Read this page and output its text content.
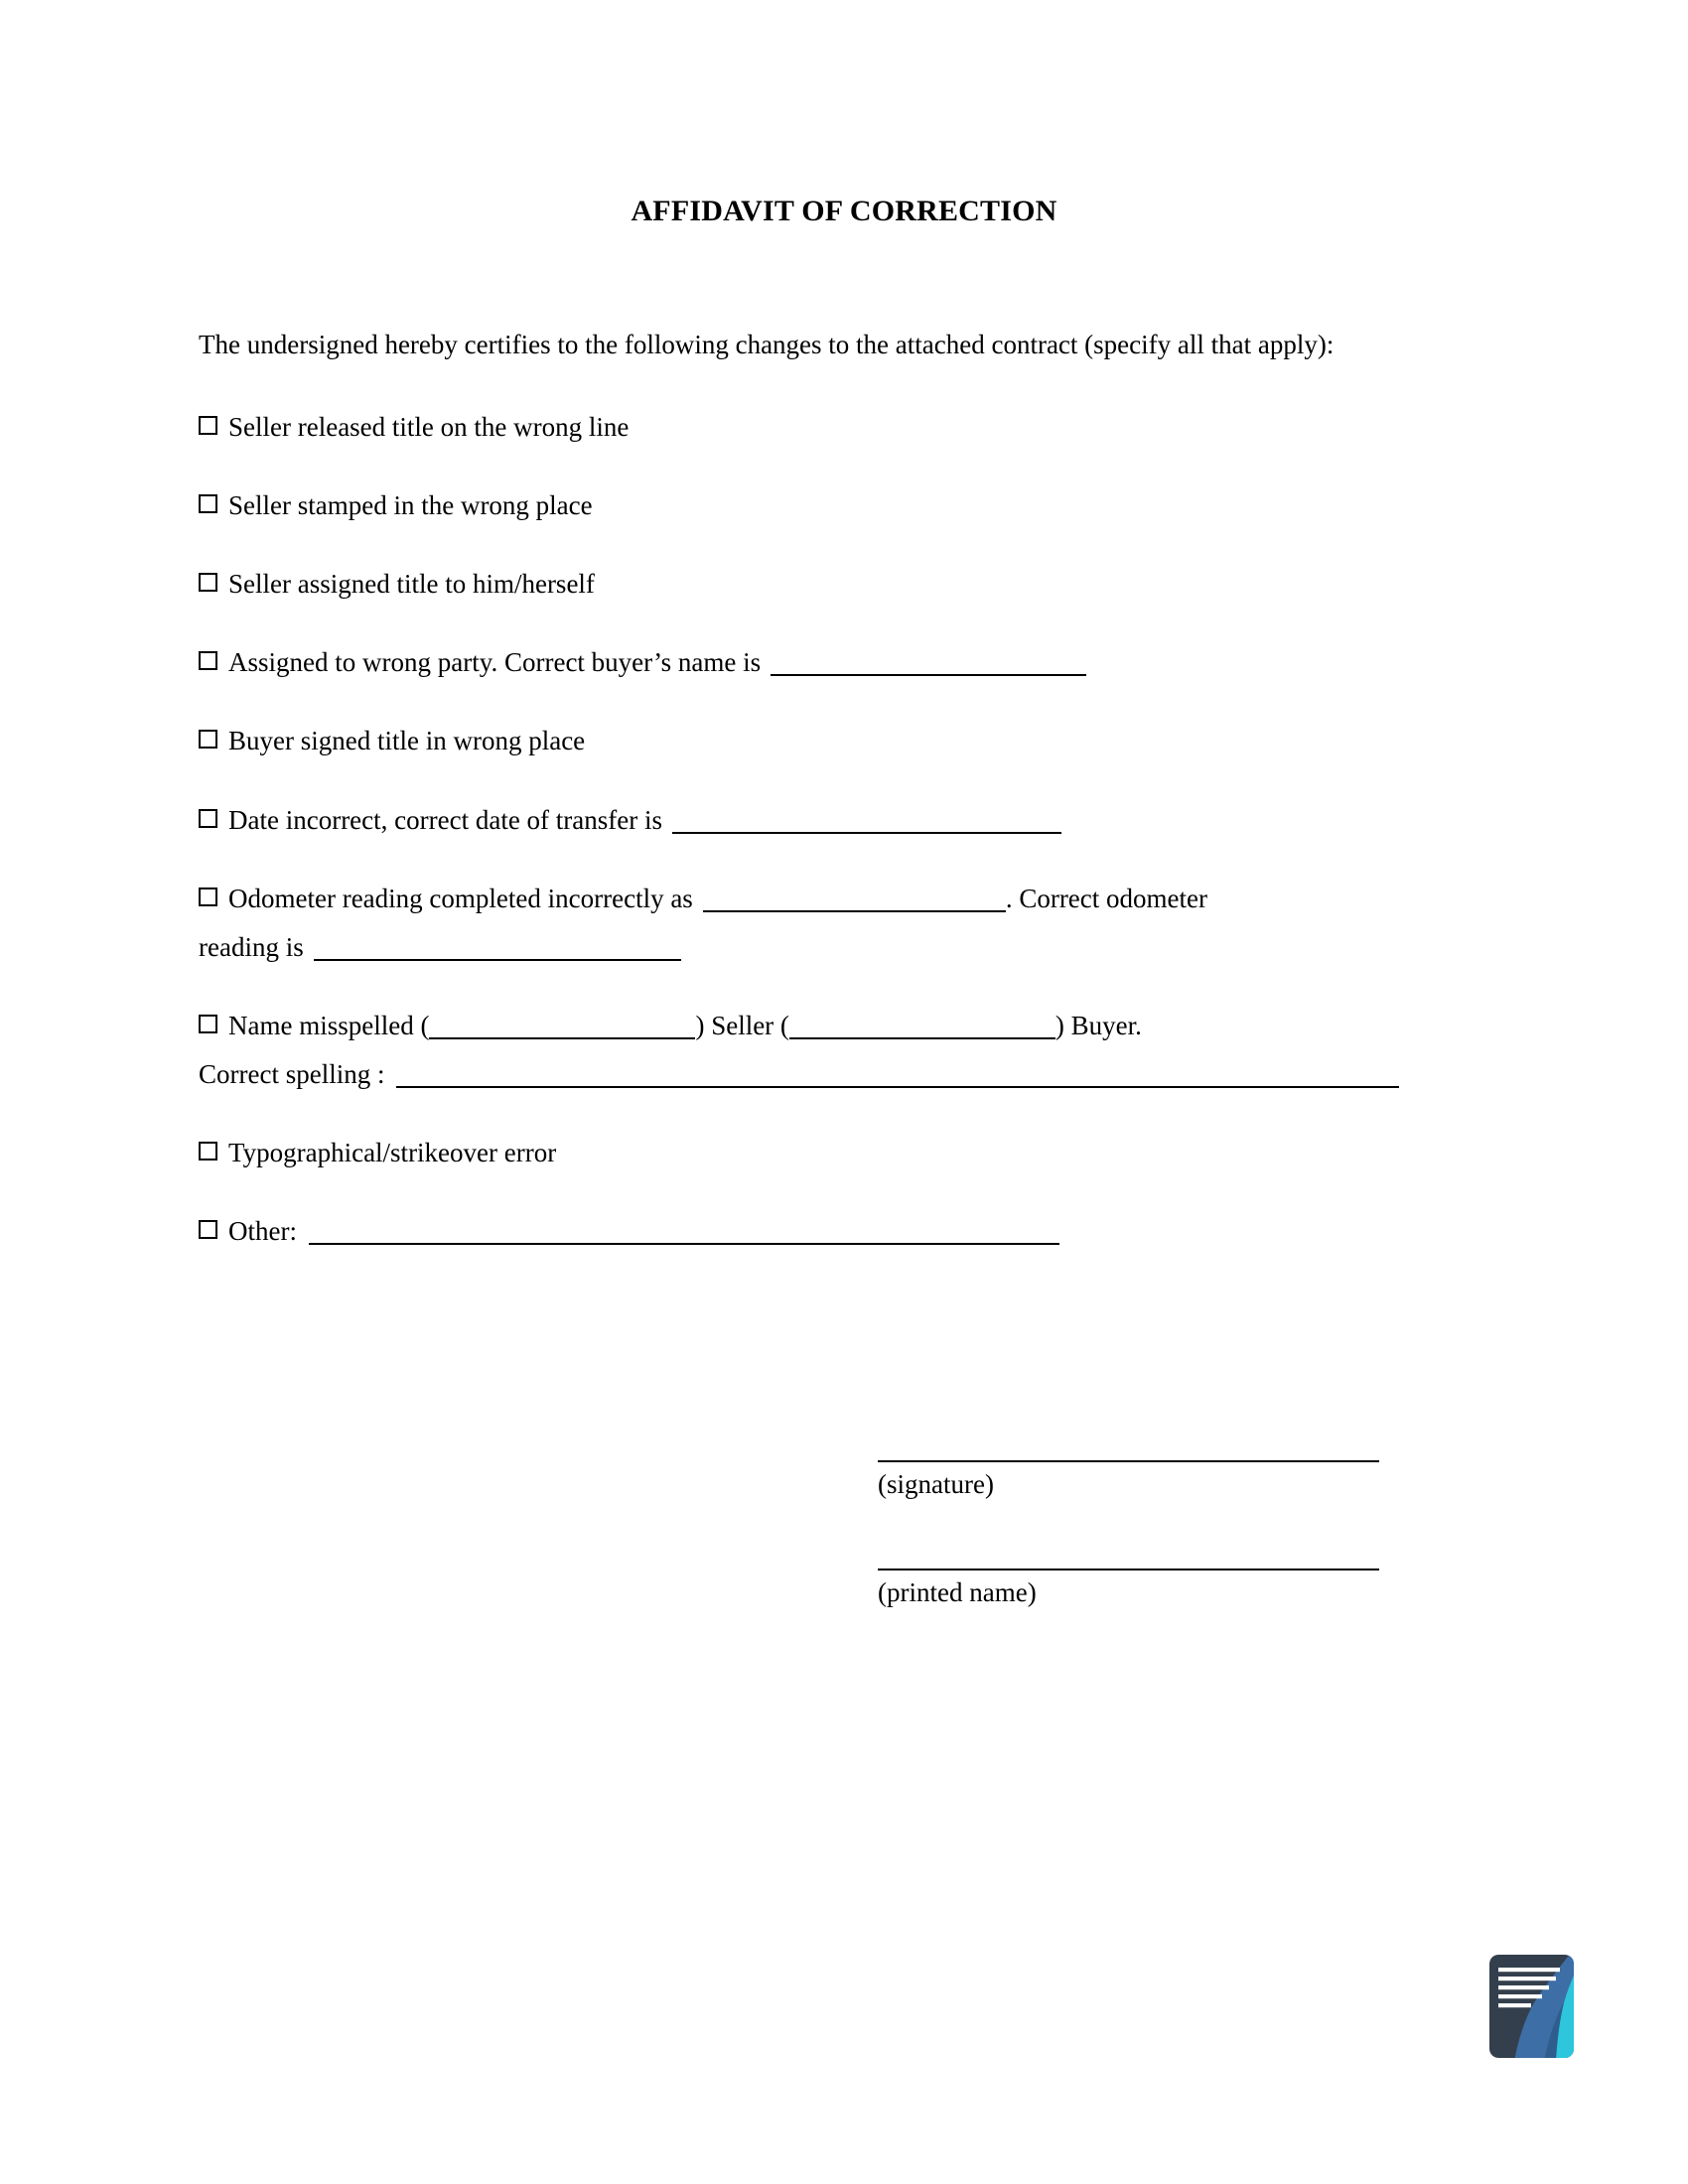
AFFIDAVIT OF CORRECTION

The undersigned hereby certifies to the following changes to the attached contract (specify all that apply):

Seller released title on the wrong line
Seller stamped in the wrong place
Seller assigned title to him/herself
Assigned to wrong party. Correct buyer’s name is
Buyer signed title in wrong place
Date incorrect, correct date of transfer is
Odometer reading completed incorrectly as	. Correct odometer
reading is
Name misspelled (	) Seller (	) Buyer.
Correct spelling :
Typographical/strikeover error
Other:
(signature)
(printed name)
